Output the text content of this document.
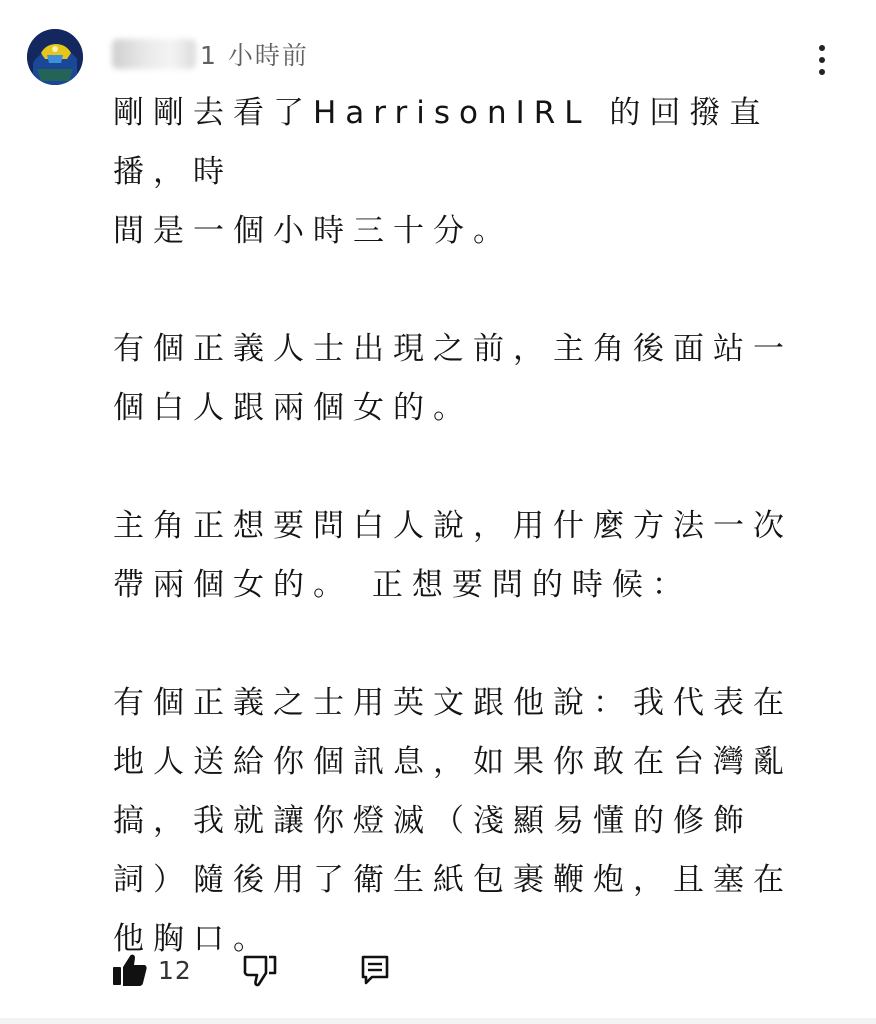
1 小時前

剛剛去看了HarrisonIRL 的回撥直播，時

間是一個小時三十分。

有個正義人士出現之前，主角後面站一

個白人跟兩個女的。

主角正想要問白人說，用什麼方法一次

帶兩個女的。 正想要問的時候：

有個正義之士用英文跟他說：我代表在

地人送給你個訊息，如果你敢在台灣亂

搞，我就讓你燈滅（淺顯易懂的修飾

詞）隨後用了衛生紙包裹鞭炮，且塞在

他胸口。

12
